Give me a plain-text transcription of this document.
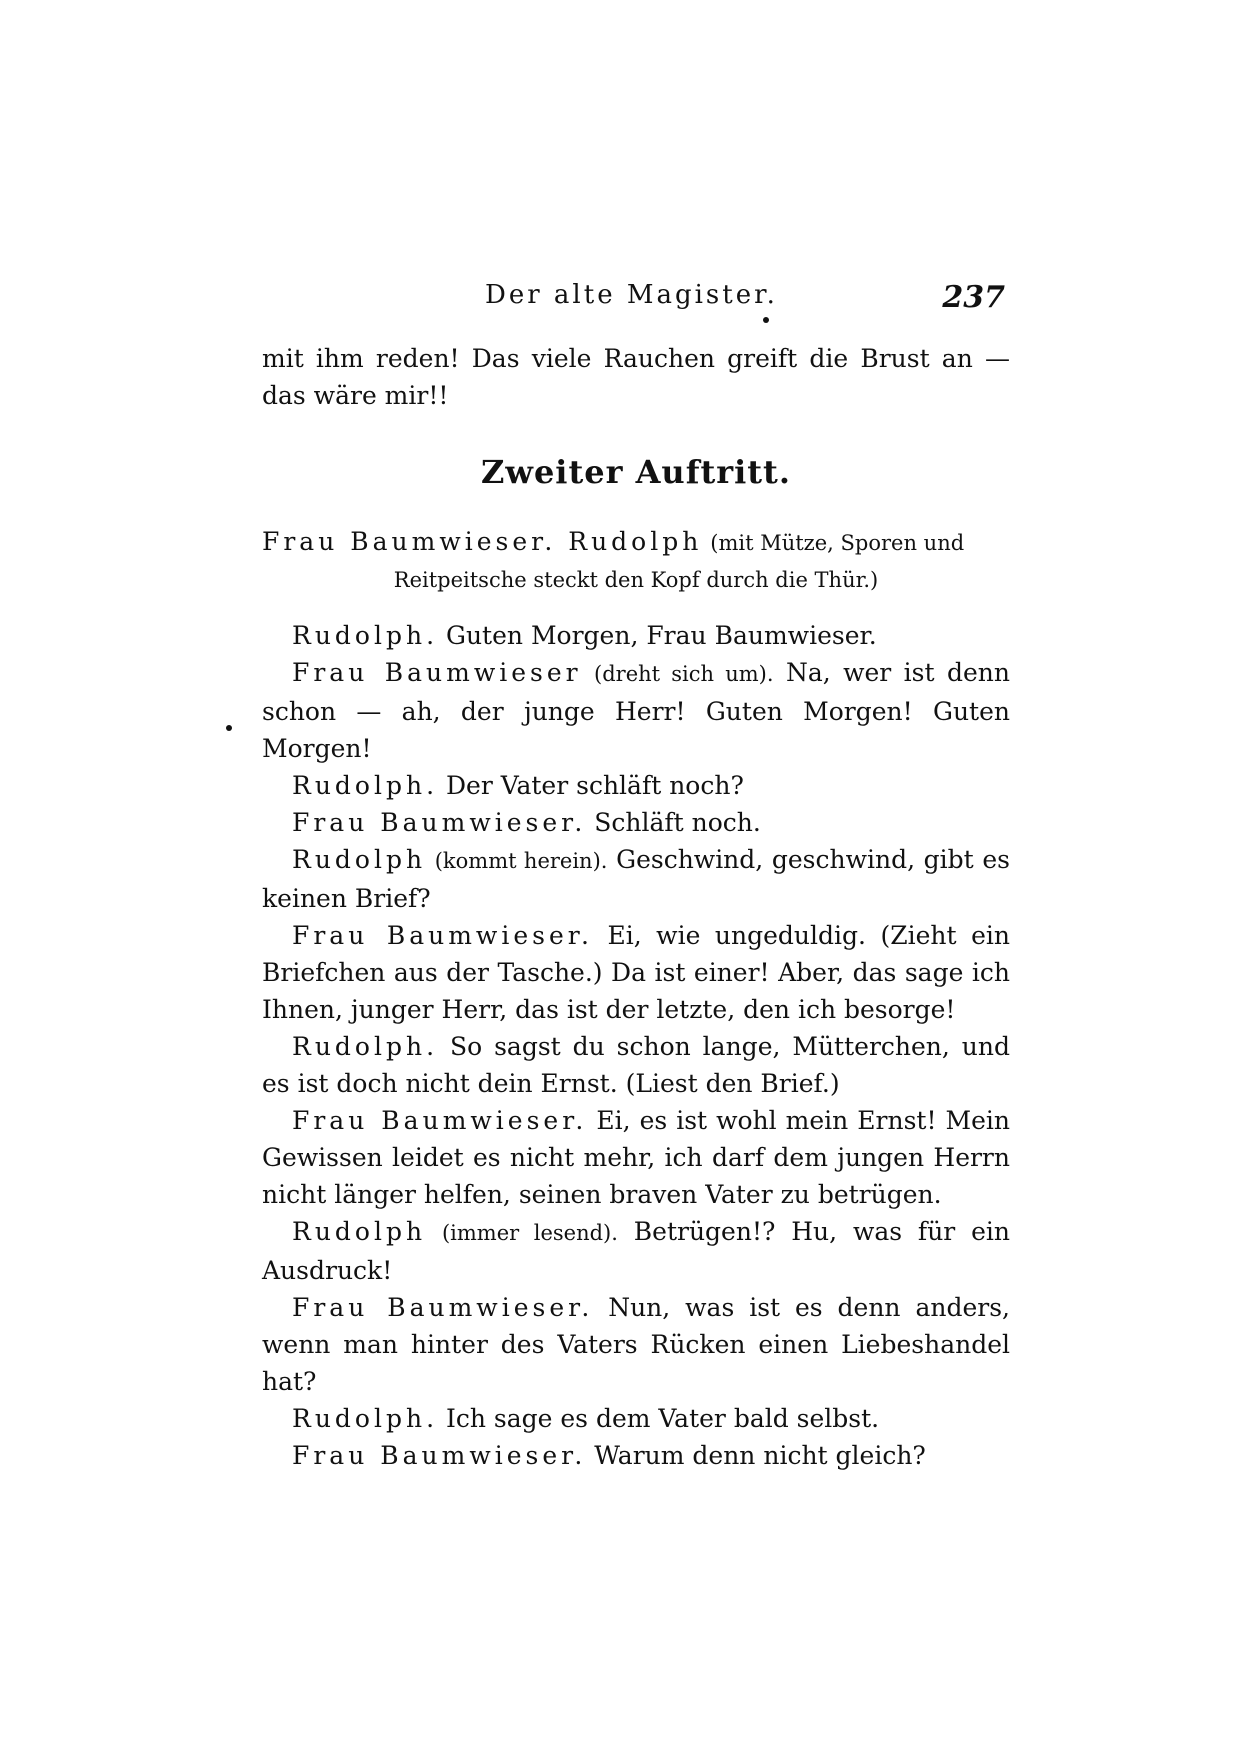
Der alte Magister.	237

mit ihm reden! Das viele Rauchen greift die Brust an — das wäre mir!!

Zweiter Auftritt.

Frau Baumwieser. Rudolph (mit Mütze, Sporen und
Reitpeitsche steckt den Kopf durch die Thür.)

Rudolph. Guten Morgen, Frau Baumwieser.

Frau Baumwieser (dreht sich um). Na, wer ist denn schon — ah, der junge Herr! Guten Morgen! Guten Morgen!

Rudolph. Der Vater schläft noch?

Frau Baumwieser. Schläft noch.

Rudolph (kommt herein). Geschwind, geschwind, gibt es keinen Brief?

Frau Baumwieser. Ei, wie ungeduldig. (Zieht ein Briefchen aus der Tasche.) Da ist einer! Aber, das sage ich Ihnen, junger Herr, das ist der letzte, den ich besorge!

Rudolph. So sagst du schon lange, Mütterchen, und es ist doch nicht dein Ernst. (Liest den Brief.)

Frau Baumwieser. Ei, es ist wohl mein Ernst! Mein Gewissen leidet es nicht mehr, ich darf dem jungen Herrn nicht länger helfen, seinen braven Vater zu betrügen.

Rudolph (immer lesend). Betrügen!? Hu, was für ein Ausdruck!

Frau Baumwieser. Nun, was ist es denn anders, wenn man hinter des Vaters Rücken einen Liebeshandel hat?

Rudolph. Ich sage es dem Vater bald selbst.

Frau Baumwieser. Warum denn nicht gleich?
